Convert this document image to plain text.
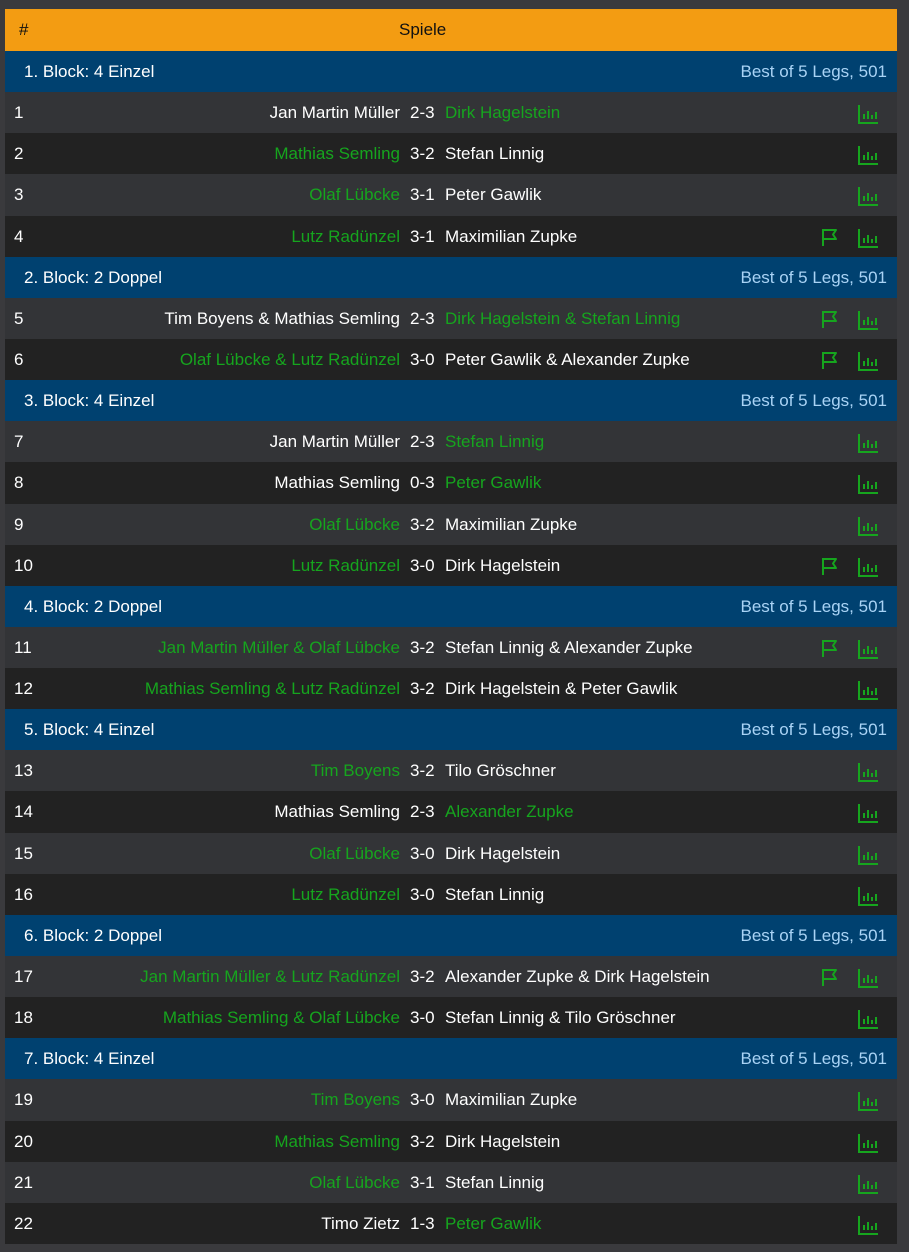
#	Spiele
1. Block: 4 Einzel	Best of 5 Legs, 501
1	Jan Martin Müller 2-3 Dirk Hagelstein
2	Mathias Semling 3-2 Stefan Linnig
3	Olaf Lübcke 3-1 Peter Gawlik
4	Lutz Radünzel 3-1 Maximilian Zupke
2. Block: 2 Doppel	Best of 5 Legs, 501
5	Tim Boyens & Mathias Semling 2-3 Dirk Hagelstein & Stefan Linnig
6	Olaf Lübcke & Lutz Radünzel 3-0 Peter Gawlik & Alexander Zupke
3. Block: 4 Einzel	Best of 5 Legs, 501
7	Jan Martin Müller 2-3 Stefan Linnig
8	Mathias Semling 0-3 Peter Gawlik
9	Olaf Lübcke 3-2 Maximilian Zupke
10	Lutz Radünzel 3-0 Dirk Hagelstein
4. Block: 2 Doppel	Best of 5 Legs, 501
11	Jan Martin Müller & Olaf Lübcke 3-2 Stefan Linnig & Alexander Zupke
12	Mathias Semling & Lutz Radünzel 3-2 Dirk Hagelstein & Peter Gawlik
5. Block: 4 Einzel	Best of 5 Legs, 501
13	Tim Boyens 3-2 Tilo Gröschner
14	Mathias Semling 2-3 Alexander Zupke
15	Olaf Lübcke 3-0 Dirk Hagelstein
16	Lutz Radünzel 3-0 Stefan Linnig
6. Block: 2 Doppel	Best of 5 Legs, 501
17	Jan Martin Müller & Lutz Radünzel 3-2 Alexander Zupke & Dirk Hagelstein
18	Mathias Semling & Olaf Lübcke 3-0 Stefan Linnig & Tilo Gröschner
7. Block: 4 Einzel	Best of 5 Legs, 501
19	Tim Boyens 3-0 Maximilian Zupke
20	Mathias Semling 3-2 Dirk Hagelstein
21	Olaf Lübcke 3-1 Stefan Linnig
22	Timo Zietz 1-3 Peter Gawlik
